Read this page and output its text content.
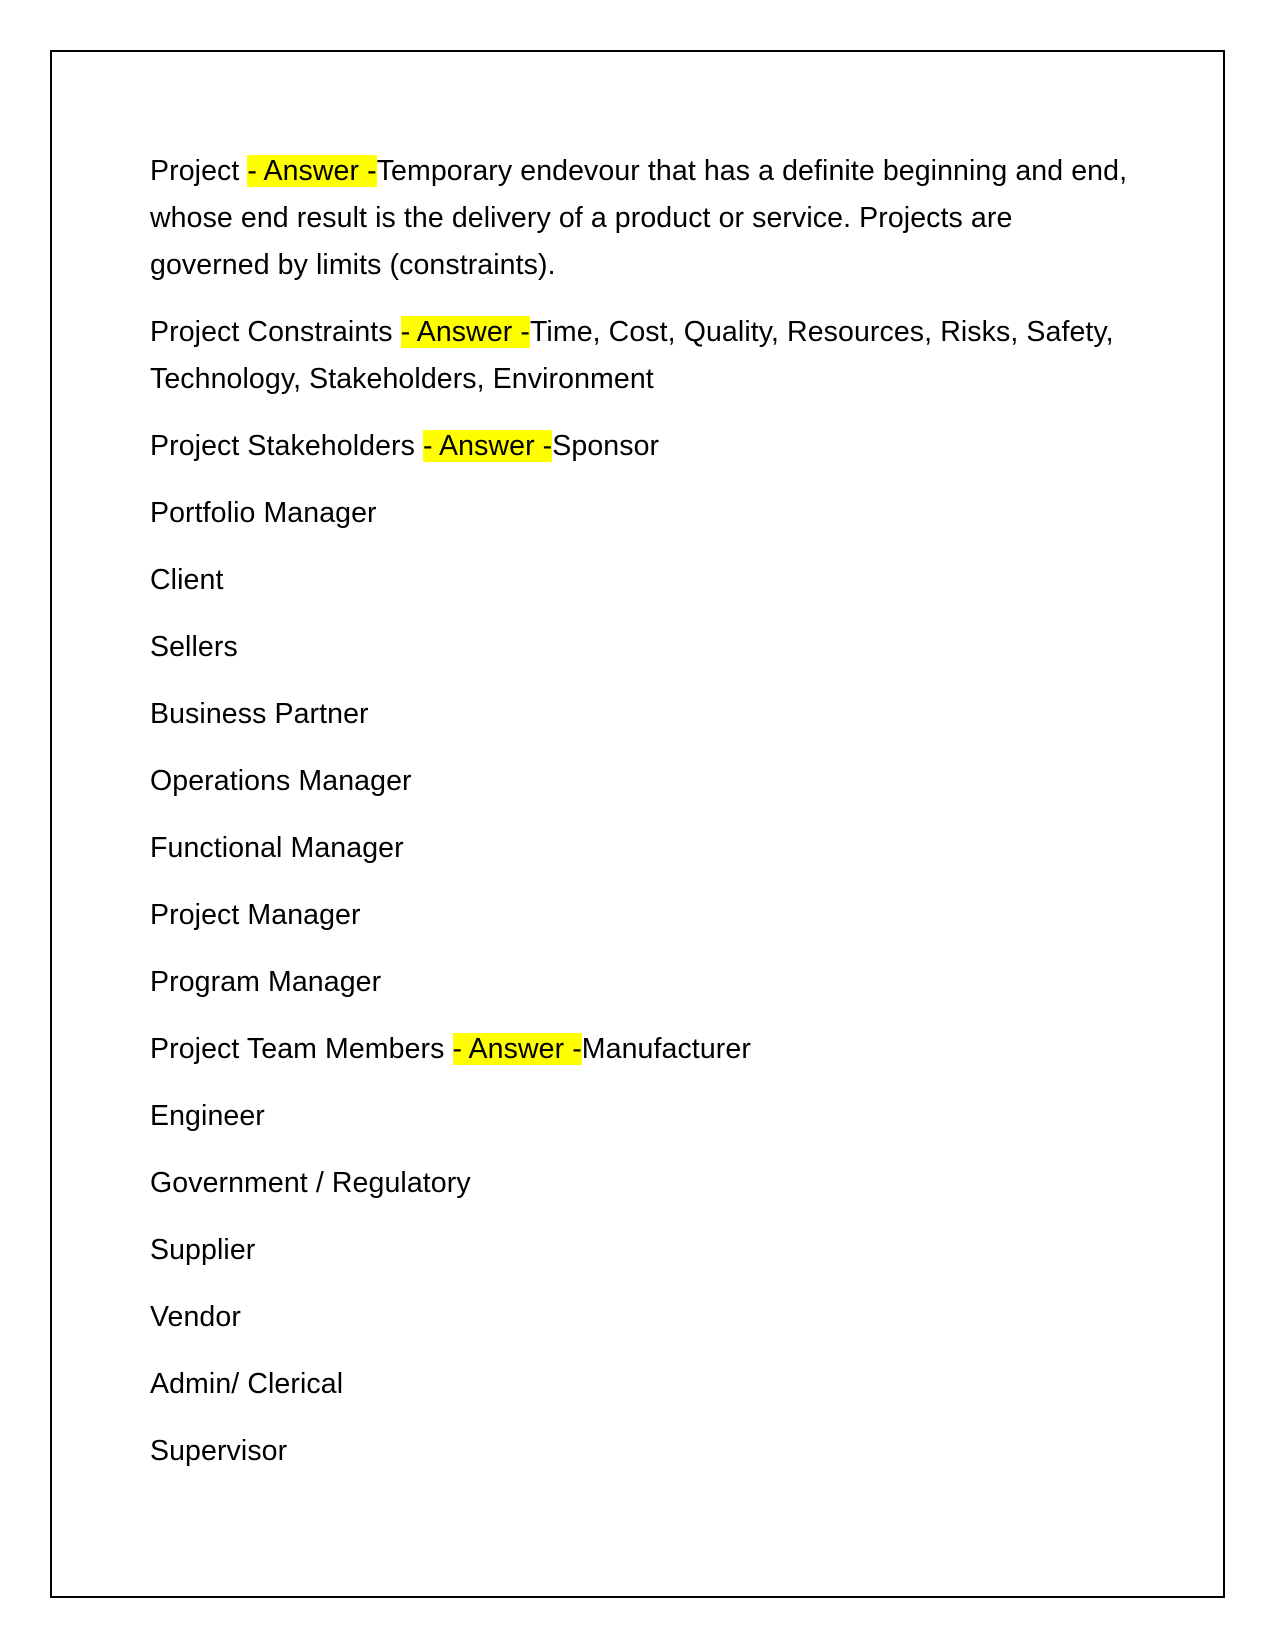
Project - Answer -Temporary endevour that has a definite beginning and end, whose end result is the delivery of a product or service. Projects are governed by limits (constraints).

Project Constraints - Answer -Time, Cost, Quality, Resources, Risks, Safety, Technology, Stakeholders, Environment

Project Stakeholders - Answer -Sponsor

Portfolio Manager

Client

Sellers

Business Partner

Operations Manager

Functional Manager

Project Manager

Program Manager

Project Team Members - Answer -Manufacturer

Engineer

Government / Regulatory

Supplier

Vendor

Admin/ Clerical

Supervisor
